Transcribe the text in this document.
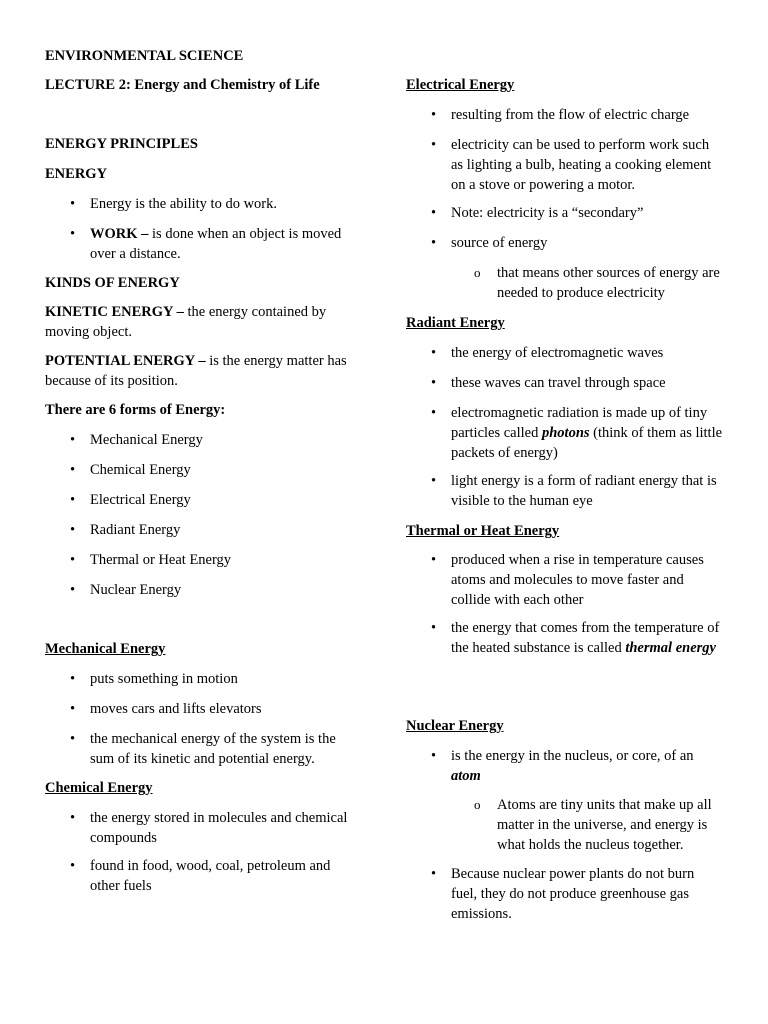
ENVIRONMENTAL SCIENCE

LECTURE 2: Energy and Chemistry of Life

ENERGY PRINCIPLES

ENERGY

• Energy is the ability to do work.
• WORK – is done when an object is moved over a distance.

KINDS OF ENERGY

KINETIC ENERGY – the energy contained by moving object.

POTENTIAL ENERGY – is the energy matter has because of its position.

There are 6 forms of Energy:

• Mechanical Energy
• Chemical Energy
• Electrical Energy
• Radiant Energy
• Thermal or Heat Energy
• Nuclear Energy

Mechanical Energy

• puts something in motion
• moves cars and lifts elevators
• the mechanical energy of the system is the sum of its kinetic and potential energy.

Chemical Energy

• the energy stored in molecules and chemical compounds
• found in food, wood, coal, petroleum and other fuels

Electrical Energy

• resulting from the flow of electric charge
• electricity can be used to perform work such as lighting a bulb, heating a cooking element on a stove or powering a motor.
• Note: electricity is a “secondary”
• source of energy
o that means other sources of energy are needed to produce electricity

Radiant Energy

• the energy of electromagnetic waves
• these waves can travel through space
• electromagnetic radiation is made up of tiny particles called photons (think of them as little packets of energy)
• light energy is a form of radiant energy that is visible to the human eye

Thermal or Heat Energy

• produced when a rise in temperature causes atoms and molecules to move faster and collide with each other
• the energy that comes from the temperature of the heated substance is called thermal energy

Nuclear Energy

• is the energy in the nucleus, or core, of an atom
o Atoms are tiny units that make up all matter in the universe, and energy is what holds the nucleus together.
• Because nuclear power plants do not burn fuel, they do not produce greenhouse gas emissions.
